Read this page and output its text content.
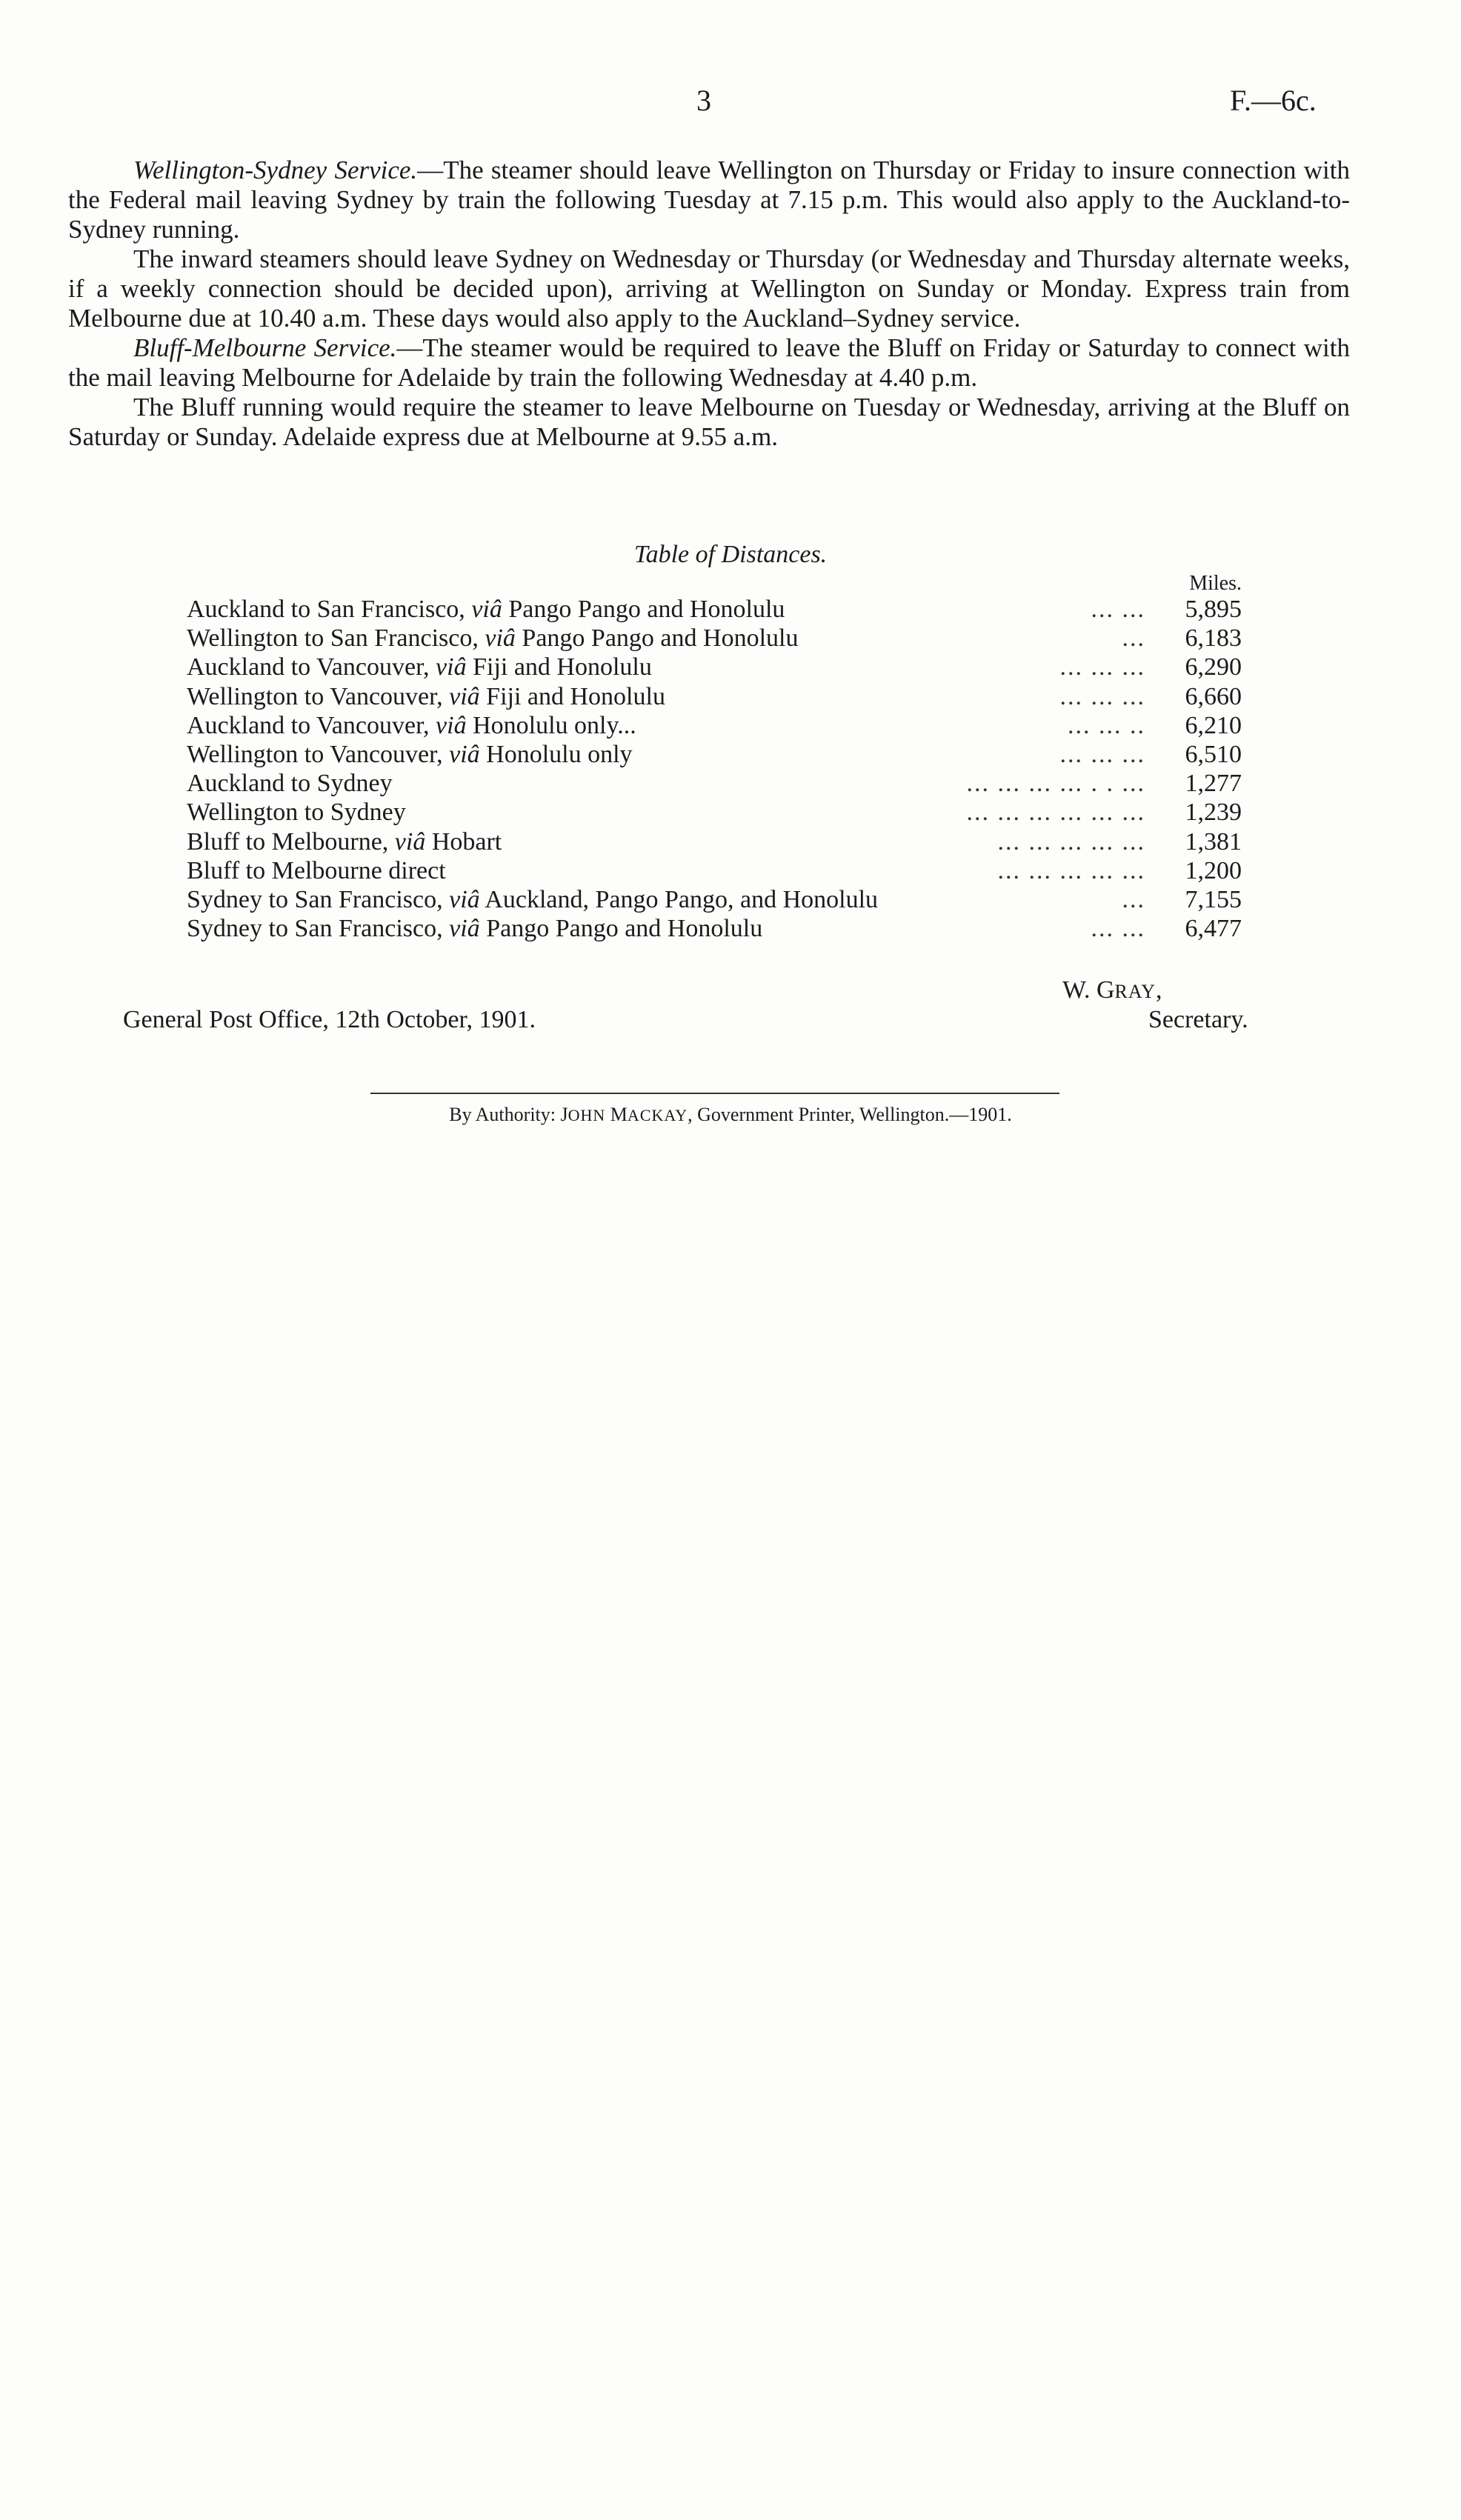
3	F.—6c.

Wellington-Sydney Service.—The steamer should leave Wellington on Thursday or Friday to insure connection with the Federal mail leaving Sydney by train the following Tuesday at 7.15 p.m. This would also apply to the Auckland-to-Sydney running.

The inward steamers should leave Sydney on Wednesday or Thursday (or Wednesday and Thursday alternate weeks, if a weekly connection should be decided upon), arriving at Wellington on Sunday or Monday. Express train from Melbourne due at 10.40 a.m. These days would also apply to the Auckland–Sydney service.

Bluff-Melbourne Service.—The steamer would be required to leave the Bluff on Friday or Saturday to connect with the mail leaving Melbourne for Adelaide by train the following Wednesday at 4.40 p.m.

The Bluff running would require the steamer to leave Melbourne on Tuesday or Wednesday, arriving at the Bluff on Saturday or Sunday. Adelaide express due at Melbourne at 9.55 a.m.

Table of Distances.
Miles.
Auckland to San Francisco, viâ Pango Pango and Honolulu	... ...	5,895
Wellington to San Francisco, viâ Pango Pango and Honolulu	...	6,183
Auckland to Vancouver, viâ Fiji and Honolulu	... ... ...	6,290
Wellington to Vancouver, viâ Fiji and Honolulu	... ... ...	6,660
Auckland to Vancouver, viâ Honolulu only...	... ... ..	6,210
Wellington to Vancouver, viâ Honolulu only	... ... ...	6,510
Auckland to Sydney	... ... ... ... . . ...	1,277
Wellington to Sydney	... ... ... ... ... ...	1,239
Bluff to Melbourne, viâ Hobart	... ... ... ... ...	1,381
Bluff to Melbourne direct	... ... ... ... ...	1,200
Sydney to San Francisco, viâ Auckland, Pango Pango, and Honolulu	...	7,155
Sydney to San Francisco, viâ Pango Pango and Honolulu	... ...	6,477
W. GRAY,
Secretary.
General Post Office, 12th October, 1901.
By Authority: JOHN MACKAY, Government Printer, Wellington.—1901.
